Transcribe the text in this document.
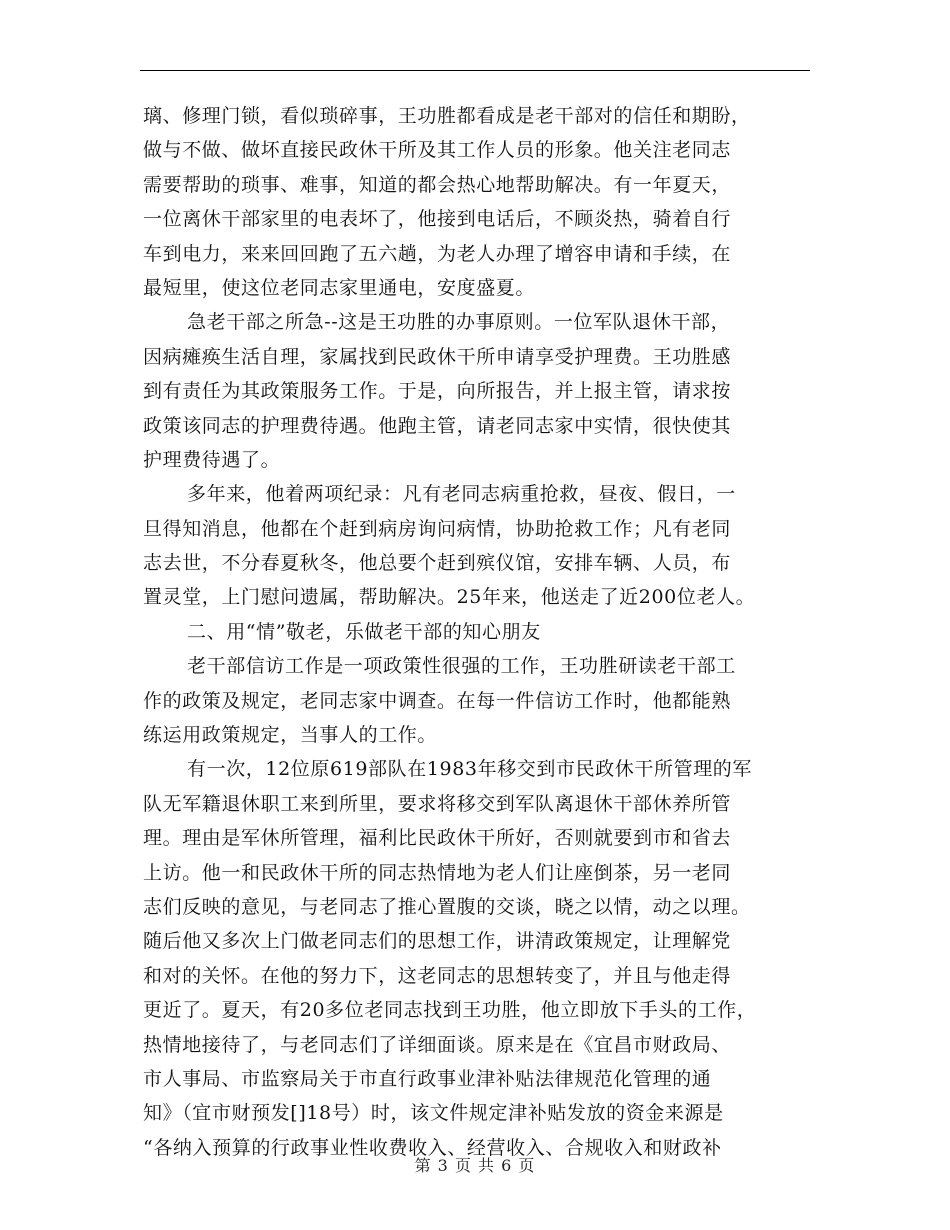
璃、修理门锁，看似琐碎事，王功胜都看成是老干部对的信任和期盼，
做与不做、做坏直接民政休干所及其工作人员的形象。他关注老同志
需要帮助的琐事、难事，知道的都会热心地帮助解决。有一年夏天，
一位离休干部家里的电表坏了，他接到电话后，不顾炎热，骑着自行
车到电力，来来回回跑了五六趟，为老人办理了增容申请和手续，在
最短里，使这位老同志家里通电，安度盛夏。
急老干部之所急--这是王功胜的办事原则。一位军队退休干部，
因病瘫痪生活自理，家属找到民政休干所申请享受护理费。王功胜感
到有责任为其政策服务工作。于是，向所报告，并上报主管，请求按
政策该同志的护理费待遇。他跑主管，请老同志家中实情，很快使其
护理费待遇了。
多年来，他着两项纪录：凡有老同志病重抢救，昼夜、假日，一
旦得知消息，他都在个赶到病房询问病情，协助抢救工作；凡有老同
志去世，不分春夏秋冬，他总要个赶到殡仪馆，安排车辆、人员，布
置灵堂，上门慰问遗属，帮助解决。25年来，他送走了近200位老人。
二、用“情”敬老，乐做老干部的知心朋友
老干部信访工作是一项政策性很强的工作，王功胜研读老干部工
作的政策及规定，老同志家中调查。在每一件信访工作时，他都能熟
练运用政策规定，当事人的工作。
有一次，12位原619部队在1983年移交到市民政休干所管理的军
队无军籍退休职工来到所里，要求将移交到军队离退休干部休养所管
理。理由是军休所管理，福利比民政休干所好，否则就要到市和省去
上访。他一和民政休干所的同志热情地为老人们让座倒茶，另一老同
志们反映的意见，与老同志了推心置腹的交谈，晓之以情，动之以理。
随后他又多次上门做老同志们的思想工作，讲清政策规定，让理解党
和对的关怀。在他的努力下，这老同志的思想转变了，并且与他走得
更近了。夏天，有20多位老同志找到王功胜，他立即放下手头的工作，
热情地接待了，与老同志们了详细面谈。原来是在《宜昌市财政局、
市人事局、市监察局关于市直行政事业津补贴法律规范化管理的通
知》（宜市财预发[]18号）时，该文件规定津补贴发放的资金来源是
“各纳入预算的行政事业性收费收入、经营收入、合规收入和财政补
第 3 页 共 6 页
